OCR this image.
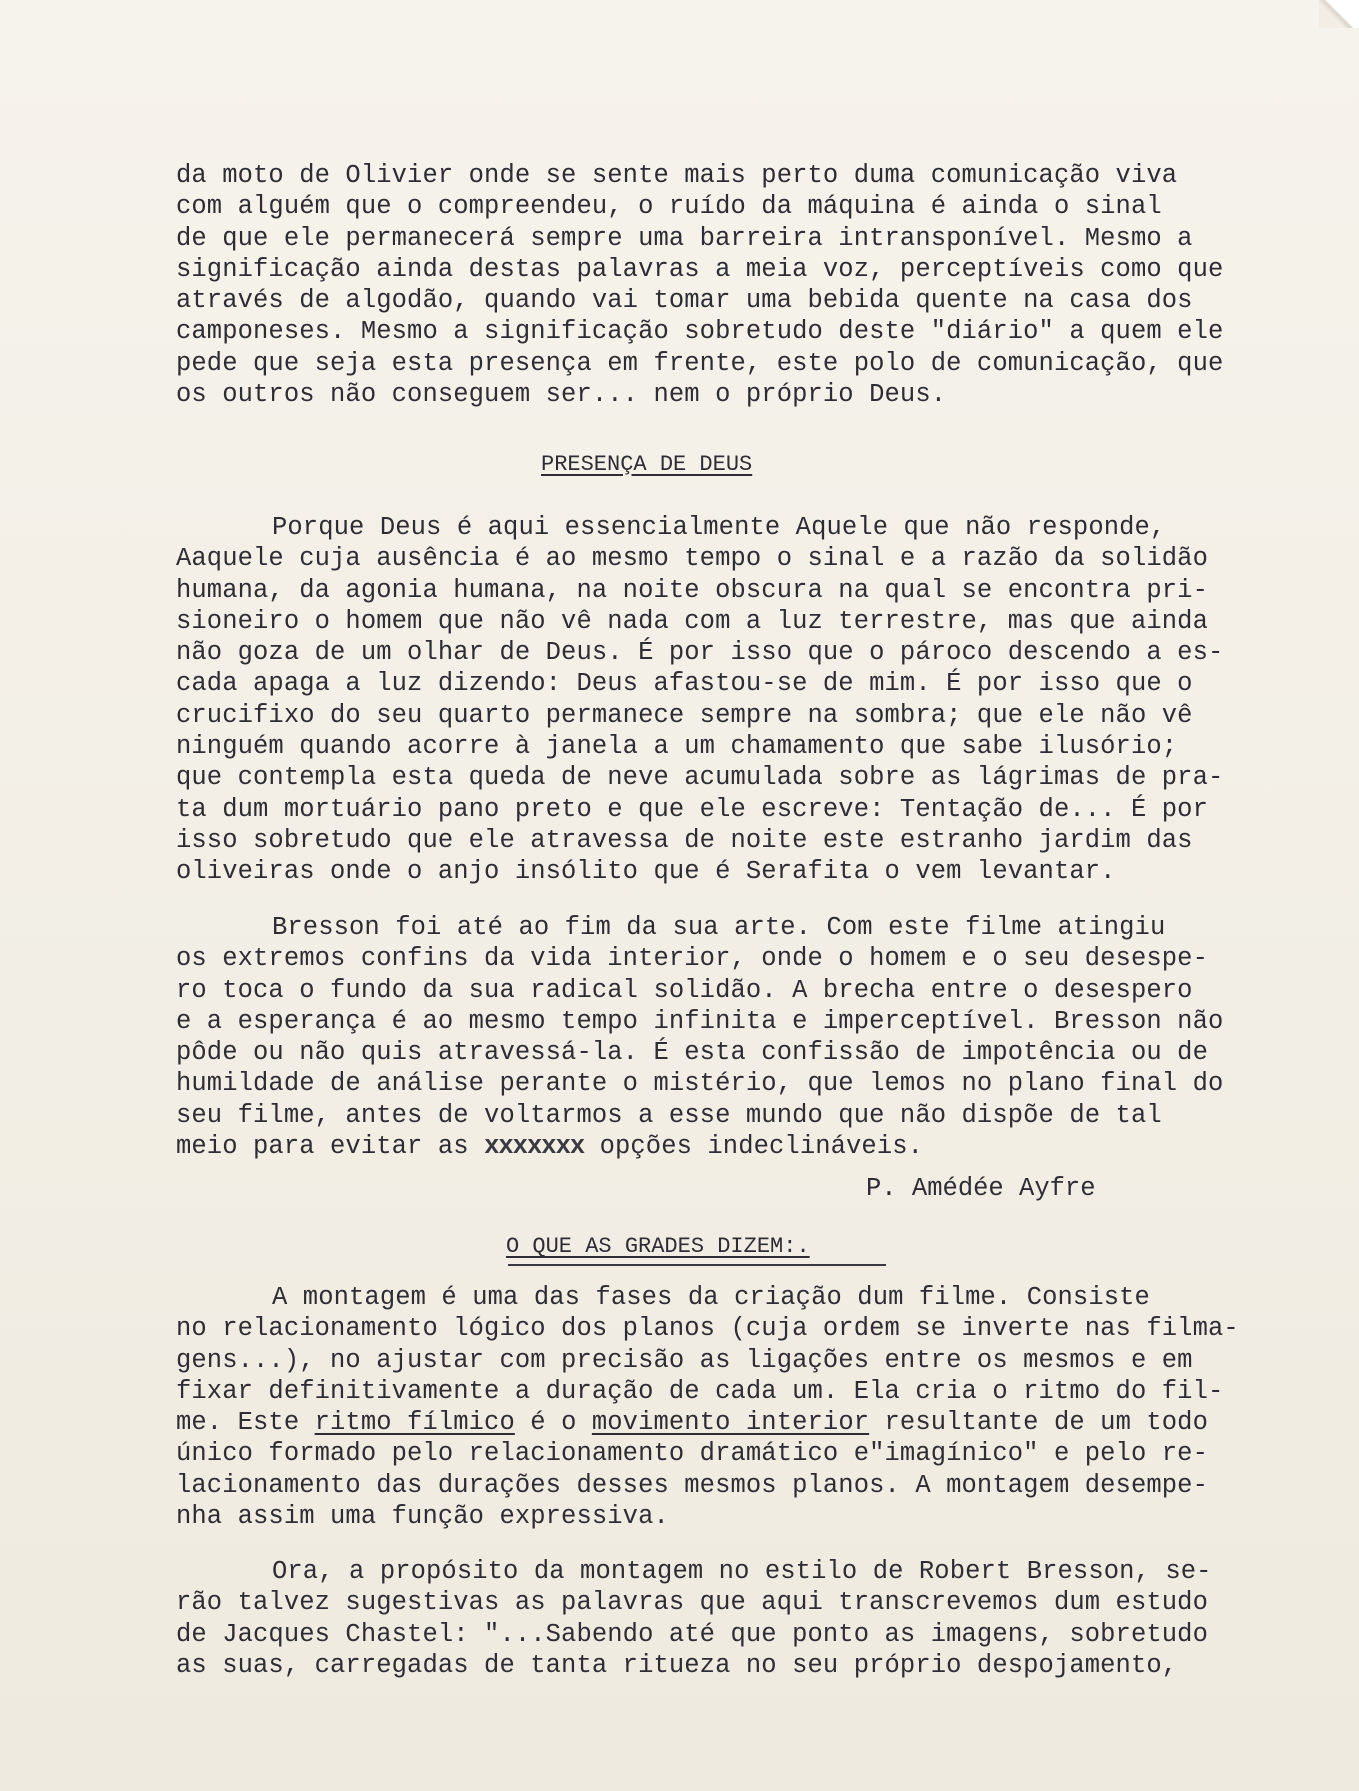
da moto de Olivier onde se sente mais perto duma comunicação viva
com alguém que o compreendeu, o ruído da máquina é ainda o sinal
de que ele permanecerá sempre uma barreira intransponível. Mesmo a
significação ainda destas palavras a meia voz, perceptíveis como que
através de algodão, quando vai tomar uma bebida quente na casa dos
camponeses. Mesmo a significação sobretudo deste "diário" a quem ele
pede que seja esta presença em frente, este polo de comunicação, que
os outros não conseguem ser... nem o próprio Deus.
PRESENÇA DE DEUS
Porque Deus é aqui essencialmente Aquele que não responde,
Aaquele cuja ausência é ao mesmo tempo o sinal e a razão da solidão
humana, da agonia humana, na noite obscura na qual se encontra pri-
sioneiro o homem que não vê nada com a luz terrestre, mas que ainda
não goza de um olhar de Deus. É por isso que o pároco descendo a es-
cada apaga a luz dizendo: Deus afastou-se de mim. É por isso que o
crucifixo do seu quarto permanece sempre na sombra; que ele não vê
ninguém quando acorre à janela a um chamamento que sabe ilusório;
que contempla esta queda de neve acumulada sobre as lágrimas de pra-
ta dum mortuário pano preto e que ele escreve: Tentação de... É por
isso sobretudo que ele atravessa de noite este estranho jardim das
oliveiras onde o anjo insólito que é Serafita o vem levantar.
Bresson foi até ao fim da sua arte. Com este filme atingiu
os extremos confins da vida interior, onde o homem e o seu desespe-
ro toca o fundo da sua radical solidão. A brecha entre o desespero
e a esperança é ao mesmo tempo infinita e imperceptível. Bresson não
pôde ou não quis atravessá-la. É esta confissão de impotência ou de
humildade de análise perante o mistério, que lemos no plano final do
seu filme, antes de voltarmos a esse mundo que não dispõe de tal
meio para evitar as xxxxxxx opções indeclináveis.
P. Amédée Ayfre
O QUE AS GRADES DIZEM:.
A montagem é uma das fases da criação dum filme. Consiste
no relacionamento lógico dos planos (cuja ordem se inverte nas filma-
gens...), no ajustar com precisão as ligações entre os mesmos e em
fixar definitivamente a duração de cada um. Ela cria o ritmo do fil-
me. Este ritmo fílmico é o movimento interior resultante de um todo
único formado pelo relacionamento dramático e"imagínico" e pelo re-
lacionamento das durações desses mesmos planos. A montagem desempe-
nha assim uma função expressiva.
Ora, a propósito da montagem no estilo de Robert Bresson, se-
rão talvez sugestivas as palavras que aqui transcrevemos dum estudo
de Jacques Chastel: "...Sabendo até que ponto as imagens, sobretudo
as suas, carregadas de tanta ritueza no seu próprio despojamento,
